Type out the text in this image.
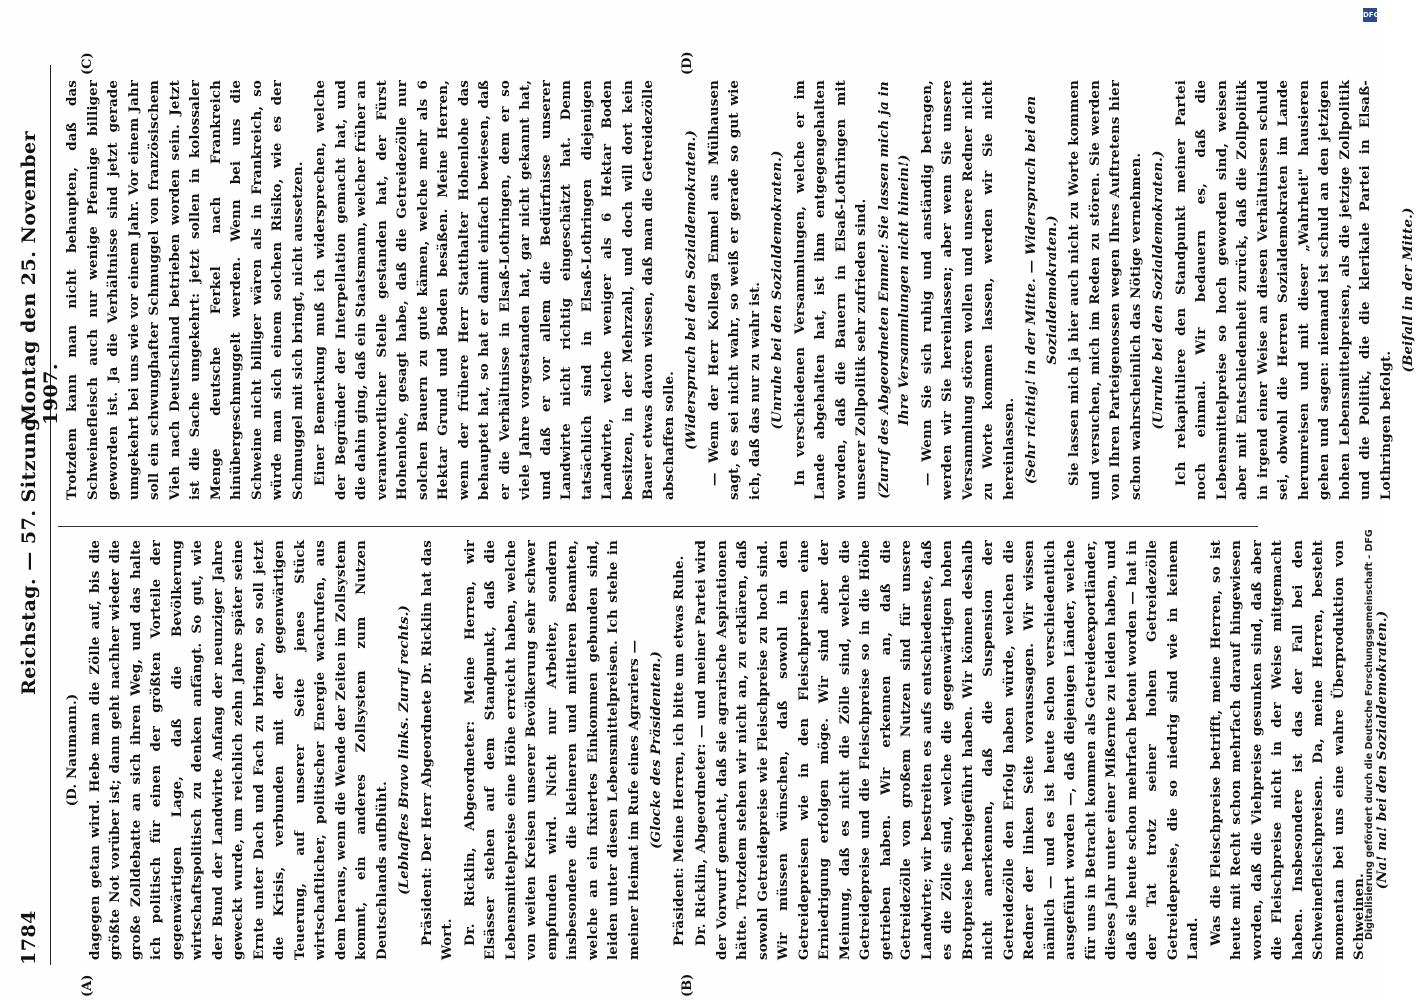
1784
Reichstag. — 57. Sitzung.
Montag den 25. November 1907.
(A)	(B)
(C)	(D)

(D. Naumann.) dagegen getan wird. Hebe man die Zölle auf, bis die größte Not vorüber ist; dann geht nachher wieder die große Zolldebatte an sich ihren Weg, und das halte ich politisch für einen der größten Vorteile der gegenwärtigen Lage, daß die Bevölkerung wirtschaftspolitisch zu denken anfängt. So gut, wie der Bund der Landwirte Anfang der neunziger Jahre geweckt wurde, um reichlich zehn Jahre später seine Ernte unter Dach und Fach zu bringen, so soll jetzt die Krisis, verbunden mit der gegenwärtigen Teuerung, auf unserer Seite jenes Stück wirtschaftlicher, politischer Energie wachrufen, aus dem heraus, wenn die Wende der Zeiten im Zollsystem kommt, ein anderes Zollsystem zum Nutzen Deutschlands aufblüht. (Lebhaftes Bravo links. Zuruf rechts.) Präsident: Der Herr Abgeordnete Dr. Ricklin hat das Wort. Dr. Ricklin, Abgeordneter: Meine Herren, wir Elsässer stehen auf dem Standpunkt, daß die Lebensmittelpreise eine Höhe erreicht haben, welche von weiten Kreisen unserer Bevölkerung sehr schwer empfunden wird. Nicht nur Arbeiter, sondern insbesondere die kleineren und mittleren Beamten, welche an ein fixiertes Einkommen gebunden sind, leiden unter diesen Lebensmittelpreisen. Ich stehe in meiner Heimat im Rufe eines Agrariers — (Glocke des Präsidenten.) Präsident: Meine Herren, ich bitte um etwas Ruhe. Dr. Ricklin, Abgeordneter: — und meiner Partei wird der Vorwurf gemacht, daß sie agrarische Aspirationen hätte. Trotzdem stehen wir nicht an, zu erklären, daß sowohl Getreidepreise wie Fleischpreise zu hoch sind. Wir müssen wünschen, daß sowohl in den Getreidepreisen wie in den Fleischpreisen eine Erniedrigung erfolgen möge. Wir sind aber der Meinung, daß es nicht die Zölle sind, welche die Getreidepreise und die Fleischpreise so in die Höhe getrieben haben. Wir erkennen an, daß die Getreidezölle von großem Nutzen sind für unsere Landwirte; wir bestreiten es aufs entschiedenste, daß es die Zölle sind, welche die gegenwärtigen hohen Brotpreise herbeigeführt haben. Wir können deshalb nicht anerkennen, daß die Suspension der Getreidezölle den Erfolg haben würde, welchen die Redner der linken Seite voraussagen. Wir wissen nämlich — und es ist heute schon verschiedentlich ausgeführt worden —, daß diejenigen Länder, welche für uns in Betracht kommen als Getreideexportländer, dieses Jahr unter einer Mißernte zu leiden haben, und daß sie heute schon mehrfach betont worden — hat in der Tat trotz seiner hohen Getreidezölle Getreidepreise, die so niedrig sind wie in keinem Land. Was die Fleischpreise betrifft, meine Herren, so ist heute mit Recht schon mehrfach darauf hingewiesen worden, daß die Viehpreise gesunken sind, daß aber die Fleischpreise nicht in der Weise mitgemacht haben. Insbesondere ist das der Fall bei den Schweinefleischpreisen. Da, meine Herren, besteht momentan bei uns eine wahre Überproduktion von Schweinen.

(Na! na! bei den Sozialdemokraten.)

Trotzdem kann man nicht behaupten, daß das Schweinefleisch auch nur wenige Pfennige billiger geworden ist. Ja die Verhältnisse sind jetzt gerade umgekehrt bei uns wie vor einem Jahr. Vor einem Jahr soll ein schwunghafter Schmuggel von französischem Vieh nach Deutschland betrieben worden sein. Jetzt ist die Sache umgekehrt: jetzt sollen in kolossaler Menge deutsche Ferkel nach Frankreich hinübergeschmuggelt werden. Wenn bei uns die Schweine nicht billiger wären als in Frankreich, so würde man sich einem solchen Risiko, wie es der Schmuggel mit sich bringt, nicht aussetzen. Einer Bemerkung muß ich widersprechen, welche der Begründer der Interpellation gemacht hat, und die dahin ging, daß ein Staatsmann, welcher früher an verantwortlicher Stelle gestanden hat, der Fürst Hohenlohe, gesagt habe, daß die Getreidezölle nur solchen Bauern zu gute kämen, welche mehr als 6 Hektar Grund und Boden besäßen. Meine Herren, wenn der frühere Herr Statthalter Hohenlohe das behauptet hat, so hat er damit einfach bewiesen, daß er die Verhältnisse in Elsaß-Lothringen, dem er so viele Jahre vorgestanden hat, gar nicht gekannt hat, und daß er vor allem die Bedürfnisse unserer Landwirte nicht richtig eingeschätzt hat. Denn tatsächlich sind in Elsaß-Lothringen diejenigen Landwirte, welche weniger als 6 Hektar Boden besitzen, in der Mehrzahl, und doch will dort kein Bauer etwas davon wissen, daß man die Getreidezölle abschaffen solle. (Widerspruch bei den Sozialdemokraten.) — Wenn der Herr Kollega Emmel aus Mülhausen sagt, es sei nicht wahr, so weiß er gerade so gut wie ich, daß das nur zu wahr ist. (Unruhe bei den Sozialdemokraten.) In verschiedenen Versammlungen, welche er im Lande abgehalten hat, ist ihm entgegengehalten worden, daß die Bauern in Elsaß-Lothringen mit unserer Zollpolitik sehr zufrieden sind. (Zuruf des Abgeordneten Emmel: Sie lassen mich ja in Ihre Versammlungen nicht hinein!) — Wenn Sie sich ruhig und anständig betragen, werden wir Sie hereinlassen; aber wenn Sie unsere Versammlung stören wollen und unsere Redner nicht zu Worte kommen lassen, werden wir Sie nicht hereinlassen. (Sehr richtig! in der Mitte. — Widerspruch bei den Sozialdemokraten.) Sie lassen mich ja hier auch nicht zu Worte kommen und versuchen, mich im Reden zu stören. Sie werden von Ihren Parteigenossen wegen Ihres Auftretens hier schon wahrscheinlich das Nötige vernehmen. (Unruhe bei den Sozialdemokraten.) Ich rekapituliere den Standpunkt meiner Partei noch einmal. Wir bedauern es, daß die Lebensmittelpreise so hoch geworden sind, weisen aber mit Entschiedenheit zurück, daß die Zollpolitik in irgend einer Weise an diesen Verhältnissen schuld sei, obwohl die Herren Sozialdemokraten im Lande herumreisen und mit dieser „Wahrheit" hausieren gehen und sagen: niemand ist schuld an den jetzigen hohen Lebensmittelpreisen, als die jetzige Zollpolitik und die Politik, die die klerikale Partei in Elsaß-Lothringen befolgt.

(Beifall in der Mitte.)

DFG
Digitalisierung gefördert durch die Deutsche Forschungsgemeinschaft - DFG
